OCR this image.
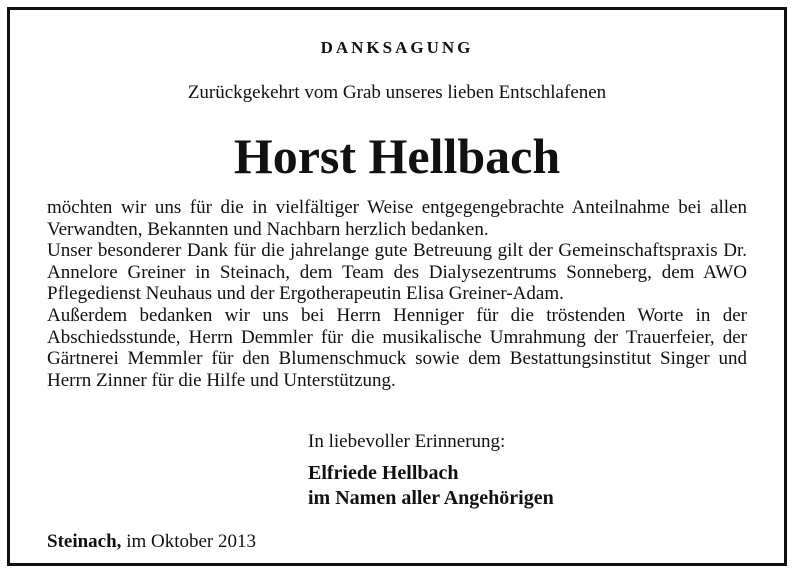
DANKSAGUNG
Zurückgekehrt vom Grab unseres lieben Entschlafenen
Horst Hellbach

möchten wir uns für die in vielfältiger Weise entgegengebrachte Anteilnahme bei allen Verwandten, Bekannten und Nachbarn herzlich bedanken.

Unser besonderer Dank für die jahrelange gute Betreuung gilt der Gemeinschaftspraxis Dr. Annelore Greiner in Steinach, dem Team des Dialysezentrums Sonneberg, dem AWO Pflegedienst Neuhaus und der Ergotherapeutin Elisa Greiner-Adam.

Außerdem bedanken wir uns bei Herrn Henniger für die tröstenden Worte in der Abschiedsstunde, Herrn Demmler für die musikalische Umrahmung der Trauerfeier, der Gärtnerei Memmler für den Blumenschmuck sowie dem Bestattungsinstitut Singer und Herrn Zinner für die Hilfe und Unterstützung.

In liebevoller Erinnerung:
Elfriede Hellbach
im Namen aller Angehörigen
Steinach, im Oktober 2013
